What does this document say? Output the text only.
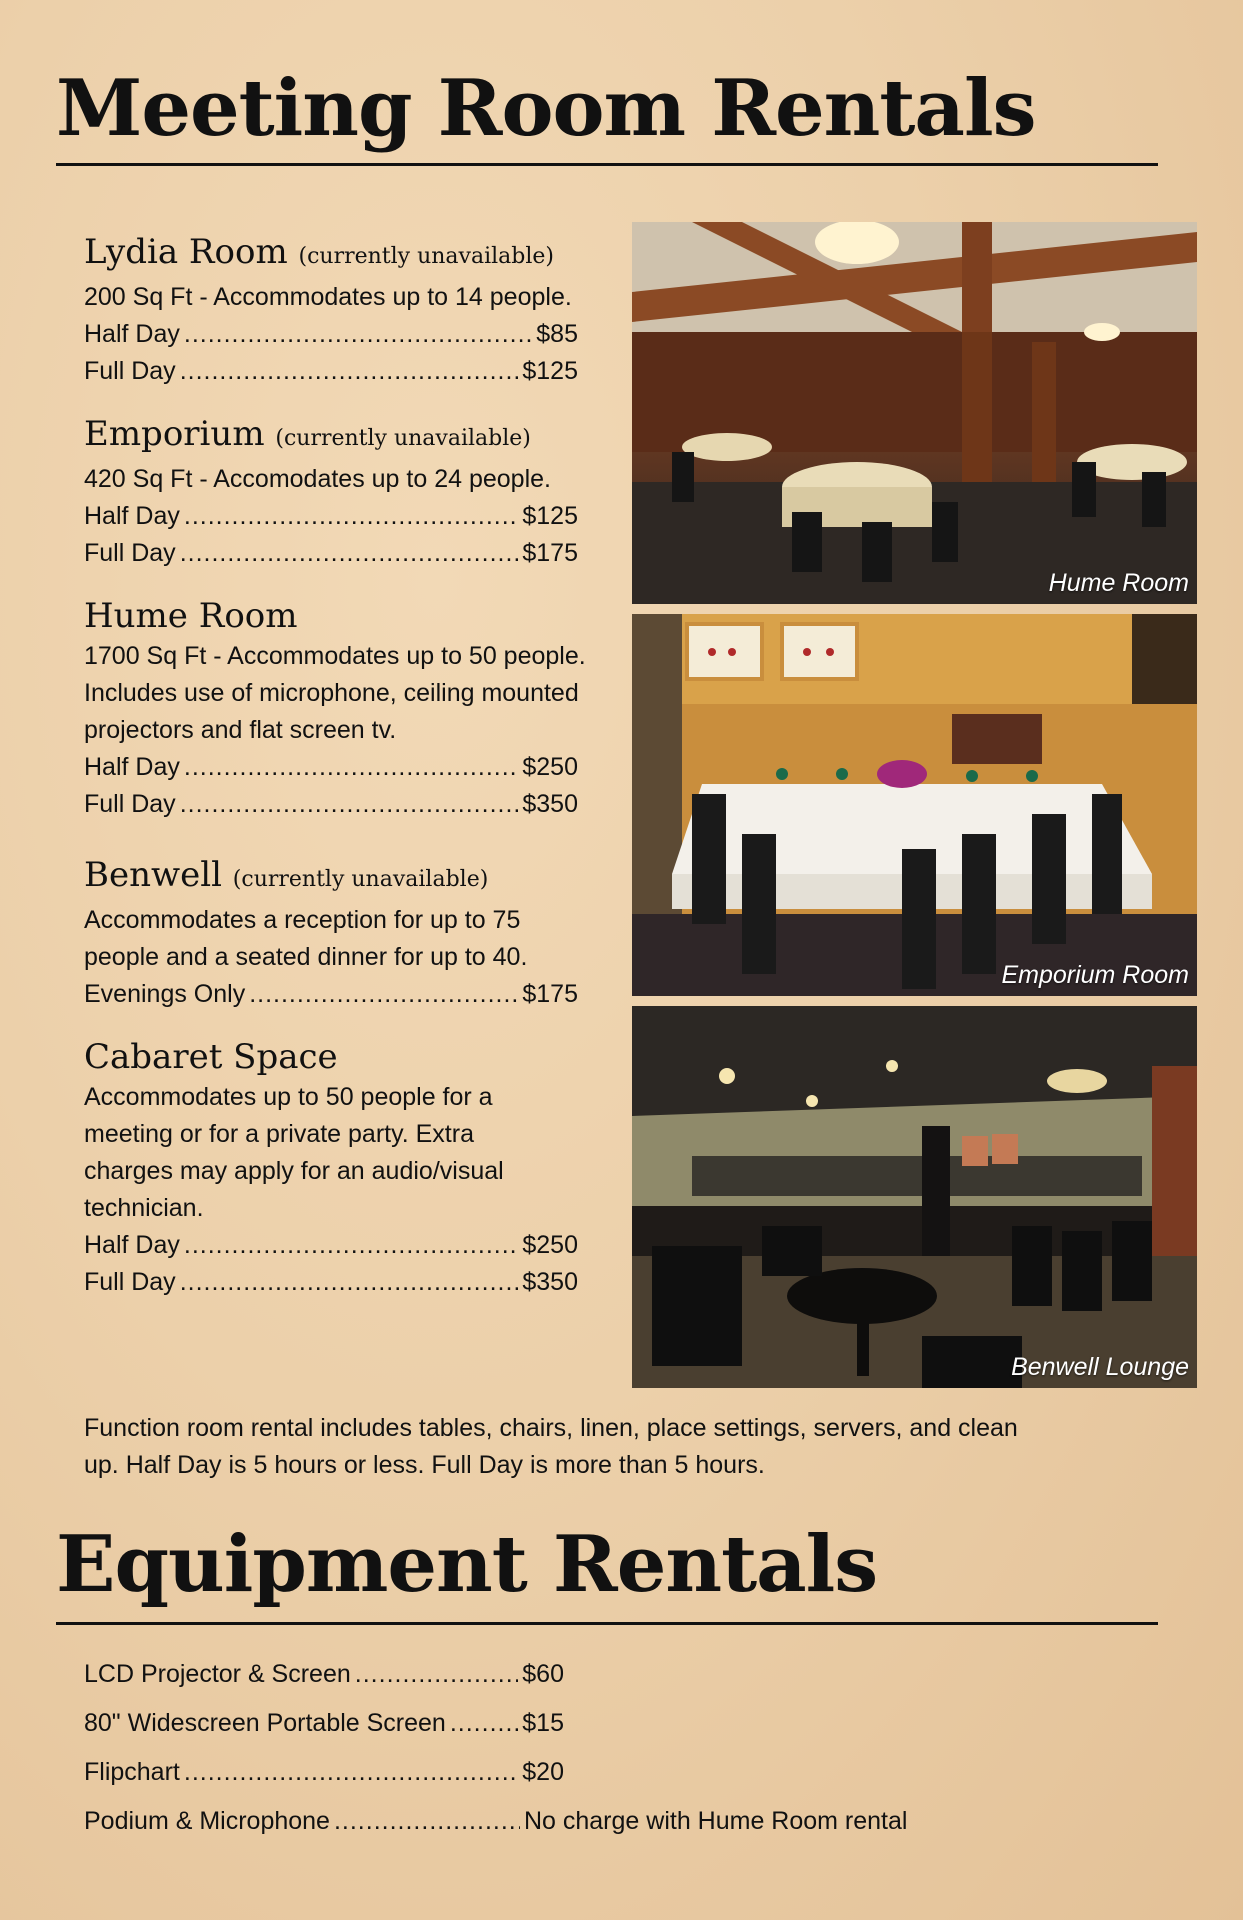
Meeting Room Rentals
Lydia Room (currently unavailable)
200 Sq Ft - Accommodates up to 14 people.
Half Day .....	$85
Full Day .....	$125
Emporium (currently unavailable)
420 Sq Ft - Accomodates up to 24 people.
Half Day .....	$125
Full Day .....	$175
Hume Room
1700 Sq Ft - Accommodates up to 50 people. Includes use of microphone, ceiling mounted projectors and flat screen tv.
Half Day .....	$250
Full Day .....	$350
Benwell (currently unavailable)
Accommodates a reception for up to 75 people and a seated dinner for up to 40.
Evenings Only .....	$175
Cabaret Space
Accommodates up to 50 people for a meeting or for a private party. Extra charges may apply for an audio/visual technician.
Half Day .....	$250
Full Day .....	$350
Hume Room
Emporium Room
Benwell Lounge
Function room rental includes tables, chairs, linen, place settings, servers, and clean up. Half Day is 5 hours or less. Full Day is more than 5 hours.
Equipment Rentals
LCD Projector & Screen .....	$60
80" Widescreen Portable Screen .....	$15
Flipchart .....	$20
Podium & Microphone .....	No charge with Hume Room rental
